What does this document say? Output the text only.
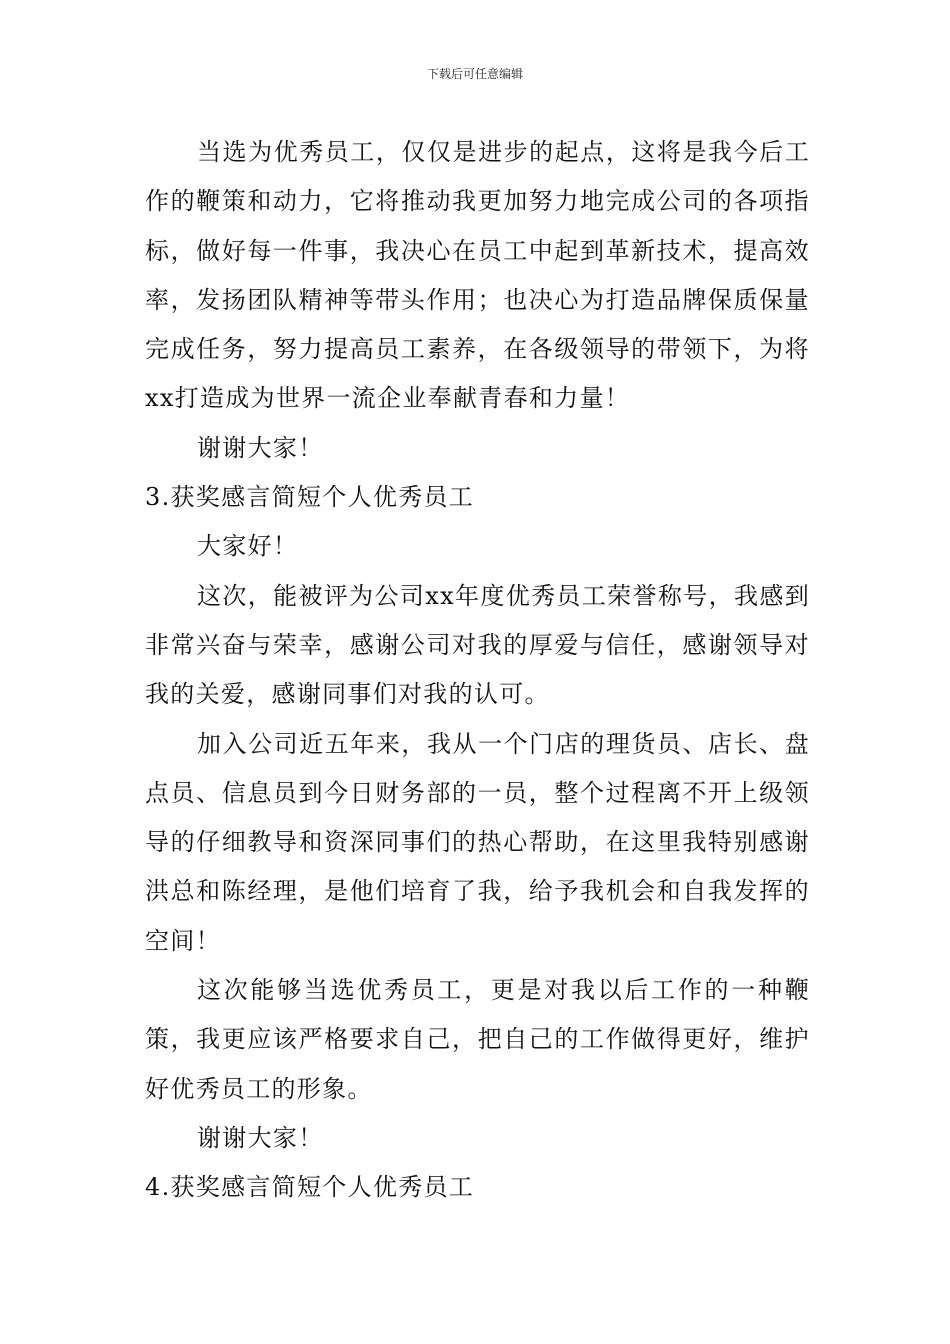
下载后可任意编辑

当选为优秀员工，仅仅是进步的起点，这将是我今后工作的鞭策和动力，它将推动我更加努力地完成公司的各项指标，做好每一件事，我决心在员工中起到革新技术，提高效率，发扬团队精神等带头作用；也决心为打造品牌保质保量完成任务，努力提高员工素养，在各级领导的带领下，为将xx打造成为世界一流企业奉献青春和力量！

谢谢大家！

3.获奖感言简短个人优秀员工

大家好！

这次，能被评为公司xx年度优秀员工荣誉称号，我感到非常兴奋与荣幸，感谢公司对我的厚爱与信任，感谢领导对我的关爱，感谢同事们对我的认可。

加入公司近五年来，我从一个门店的理货员、店长、盘点员、信息员到今日财务部的一员，整个过程离不开上级领导的仔细教导和资深同事们的热心帮助，在这里我特别感谢洪总和陈经理，是他们培育了我，给予我机会和自我发挥的空间！

这次能够当选优秀员工，更是对我以后工作的一种鞭策，我更应该严格要求自己，把自己的工作做得更好，维护好优秀员工的形象。

谢谢大家！

4.获奖感言简短个人优秀员工
